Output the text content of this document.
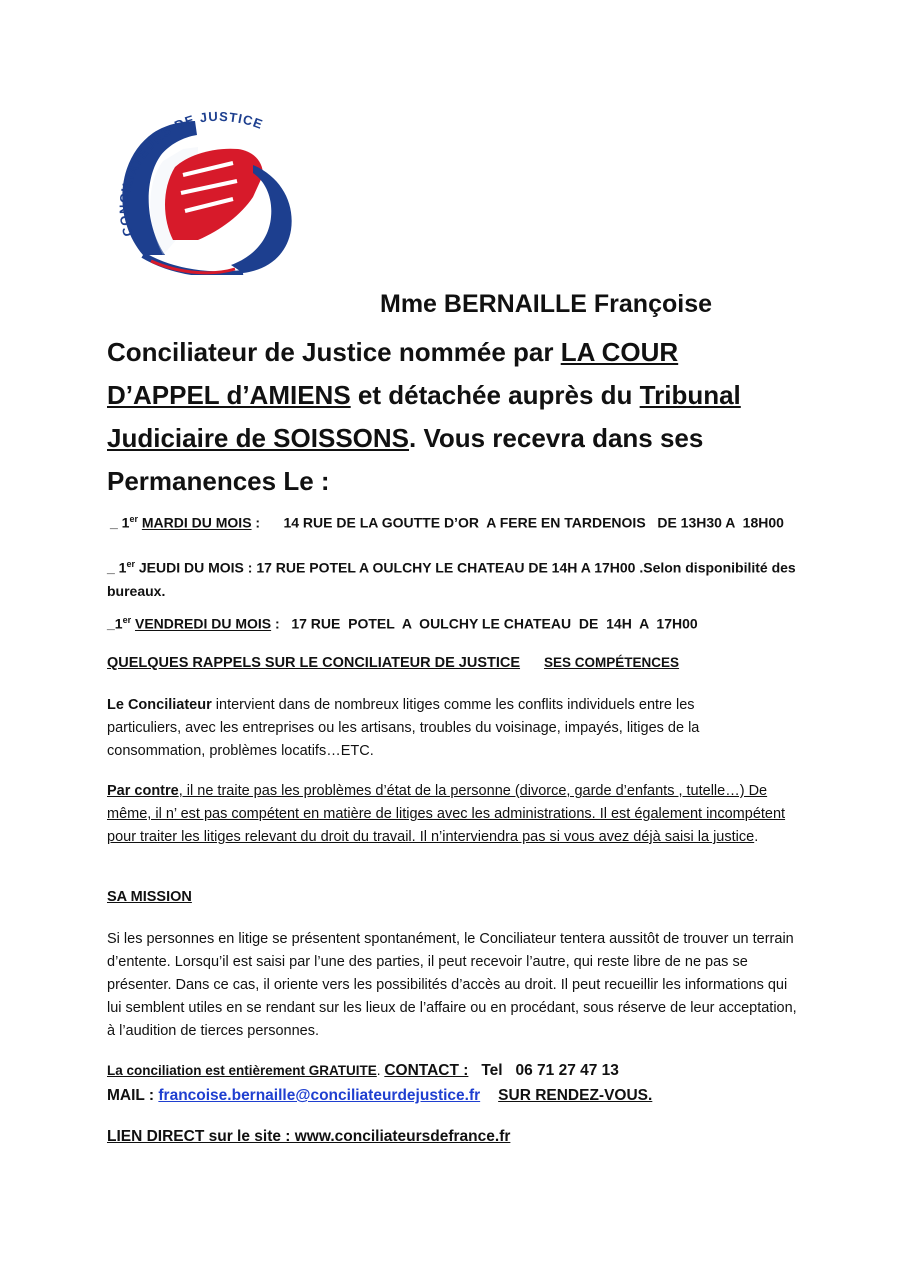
CONCILIATEURS DE JUSTICE

Mme BERNAILLE Françoise

Conciliateur de Justice nommée par LA COUR D’APPEL d’AMIENS et détachée auprès du Tribunal Judiciaire de SOISSONS. Vous recevra dans ses Permanences Le :

_ 1er MARDI DU MOIS :      14 RUE DE LA GOUTTE D’OR  A FERE EN TARDENOIS   DE 13H30 A  18H00

_ 1er JEUDI DU MOIS : 17 RUE POTEL A OULCHY LE CHATEAU DE 14H A 17H00 .Selon disponibilité des bureaux.

_1er VENDREDI DU MOIS :   17 RUE  POTEL  A  OULCHY LE CHATEAU  DE  14H  A  17H00

QUELQUES RAPPELS SUR LE CONCILIATEUR DE JUSTICE SES COMPÉTENCES

Le Conciliateur intervient dans de nombreux litiges comme les conflits individuels entre les particuliers, avec les entreprises ou les artisans, troubles du voisinage, impayés, litiges de la consommation, problèmes locatifs…ETC.

Par contre, il ne traite pas les problèmes d’état de la personne (divorce, garde d’enfants , tutelle…) De même, il n’ est pas compétent en matière de litiges avec les administrations. Il est également incompétent pour traiter les litiges relevant du droit du travail. Il n’interviendra pas si vous avez déjà saisi la justice.

SA MISSION

Si les personnes en litige se présentent spontanément, le Conciliateur tentera aussitôt de trouver un terrain d’entente. Lorsqu’il est saisi par l’une des parties, il peut recevoir l’autre, qui reste libre de ne pas se présenter. Dans ce cas, il oriente vers les possibilités d’accès au droit. Il peut recueillir les informations qui lui semblent utiles en se rendant sur les lieux de l’affaire ou en procédant, sous réserve de leur acceptation, à l’audition de tierces personnes.

La conciliation est entièrement GRATUITE. CONTACT :   Tel   06 71 27 47 13

MAIL : francoise.bernaille@conciliateurdejustice.fr SUR RENDEZ-VOUS.

LIEN DIRECT sur le site : www.conciliateursdefrance.fr
